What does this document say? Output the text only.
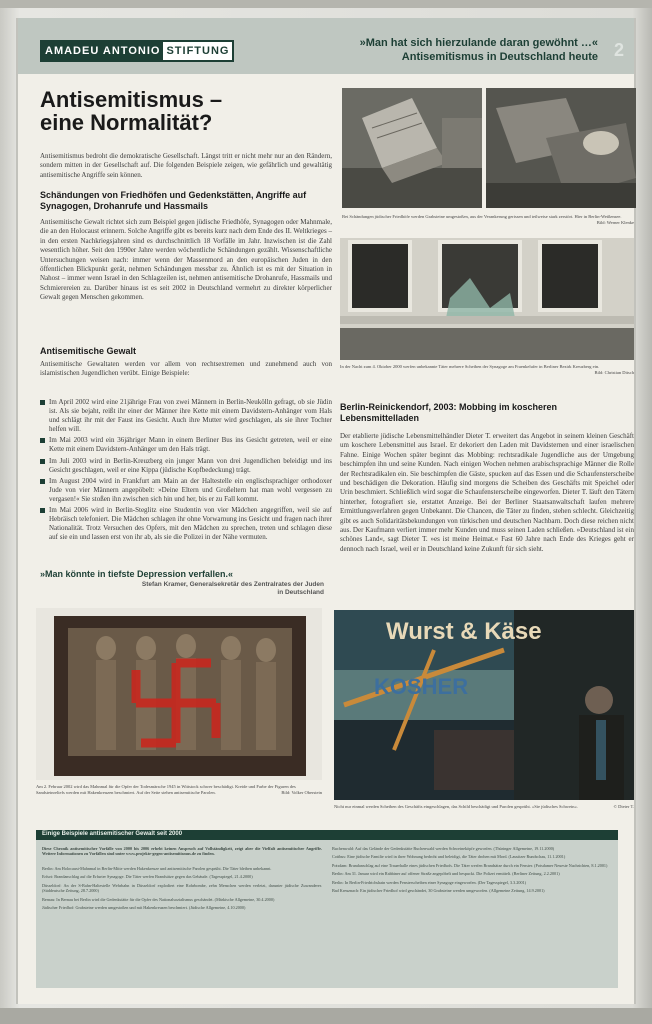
AMADEU ANTONIO STIFTUNG
»Man hat sich hierzulande daran gewöhnt …«
Antisemitismus in Deutschland heute 2
Antisemitismus –
eine Normalität?
Antisemitismus bedroht die demokratische Gesellschaft. Längst tritt er nicht mehr nur an den Rändern, sondern mitten in der Gesellschaft auf. Die folgenden Beispiele zeigen, wie gefährlich und gewaltätig antisemitische Angriffe sein können.
Schändungen von Friedhöfen und Gedenkstätten, Angriffe auf Synagogen, Drohanrufe und Hassmails
Antisemitische Gewalt richtet sich zum Beispiel gegen jüdische Friedhöfe, Synagogen oder Mahnmale, die an den Holocaust erinnern. Solche Angriffe gibt es bereits kurz nach dem Ende des II. Weltkrieges – in den ersten Nachkriegsjahren sind es durchschnittlich 18 Vorfälle im Jahr. Inzwischen ist die Zahl wesentlich höher. Seit den 1990er Jahre werden wöchentliche Schändungen gezählt. Wissenschaftliche Untersuchungen weisen nach: immer wenn der Massenmord an den europäischen Juden in den öffentlichen Blickpunkt gerät, nehmen Schändungen messbar zu. Ähnlich ist es mit der Situation in Nahost – immer wenn Israel in den Schlagzeilen ist, nehmen antisemitische Drohanrufe, Hassmails und Schmierereien zu. Darüber hinaus ist es seit 2002 in Deutschland vermehrt zu direkter körperlicher Gewalt gegen Menschen gekommen.
Antisemitische Gewalt
Antisemitische Gewaltaten werden vor allem von rechtsextremen und zunehmend auch von islamistischen Jugendlichen verübt. Einige Beispiele:
Im April 2002 wird eine 21jährige Frau von zwei Männern in Berlin-Neukölln gefragt, ob sie Jüdin ist. Als sie bejaht, reißt ihr einer der Männer ihre Kette mit einem Davidstern-Anhänger vom Hals und schlägt ihr mit der Faust ins Gesicht. Auch ihre Mutter wird geschlagen, als sie ihrer Tochter helfen will.
Im Mai 2003 wird ein 36jähriger Mann in einem Berliner Bus ins Gesicht getreten, weil er eine Kette mit einem Davidstern-Anhänger um den Hals trägt.
Im Juli 2003 wird in Berlin-Kreuzberg ein junger Mann von drei Jugendlichen beleidigt und ins Gesicht geschlagen, weil er eine Kippa (jüdische Kopfbedeckung) trägt.
Im August 2004 wird in Frankfurt am Main an der Haltestelle ein englischsprachiger orthodoxer Jude von vier Männern angepöbelt: »Deine Eltern und Großeltern hat man wohl vergessen zu vergasen!« Sie stoßen ihn zwischen sich hin und her, bis er zu Fall kommt.
Im Mai 2006 wird in Berlin-Steglitz eine Studentin von vier Mädchen angegriffen, weil sie auf Hebräisch telefoniert. Die Mädchen schlagen ihr ohne Vorwarnung ins Gesicht und fragen nach ihrer Nationalität. Trotz Versuchen des Opfers, mit den Mädchen zu sprechen, treten und schlagen diese auf sie ein und lassen erst von ihr ab, als sie die Polizei in der Nähe vermuten.
»Man könnte in tiefste Depression verfallen.«
Stefan Kramer, Generalsekretär des Zentralrates der Juden in Deutschland
Bei Schändungen jüdischer Friedhöfe werden Grabsteine umgestoßen, aus der Verankerung gerissen und teilweise stark zerstört. Hier in Berlin-Weißensee.
Bild: Werner Klenke
In der Nacht zum 4. Oktober 2000 werfen unbekannte Täter mehrere Scheiben der Synagoge am Fraenkelufer in Berliner Bezirk Kreuzberg ein.
Bild: Christian Ditsch
Berlin-Reinickendorf, 2003: Mobbing im koscheren Lebensmittelladen
Der etablierte jüdische Lebensmittelhändler Dieter T. erweitert das Angebot in seinem kleinen Geschäft um koschere Lebensmittel aus Israel. Er dekoriert den Laden mit Davidsternen und einer israelischen Fahne. Einige Wochen später beginnt das Mobbing: rechtsradikale Jugendliche aus der Umgebung beschimpfen ihn und seine Kunden. Nach einigen Wochen nehmen arabischsprachige Männer die Rolle der Rechtsradikalen ein. Sie beschimpfen die Gäste, spucken auf das Essen und die Schaufensterscheibe und beschädigen die Dekoration. Häufig sind morgens die Scheiben des Geschäfts mit Speichel oder Urin beschmiert. Schließlich wird sogar die Schaufensterscheibe eingeworfen. Dieter T. läuft den Tätern hinterher, fotografiert sie, erstattet Anzeige. Bei der Berliner Staatsanwaltschaft laufen mehrere Ermittlungsverfahren gegen Unbekannt. Die Chancen, die Täter zu finden, stehen schlecht. Gleichzeitig gibt es auch Solidaritätsbekundungen von türkischen und deutschen Nachbarn. Doch diese reichen nicht aus. Der Kaufmann verliert immer mehr Kunden und muss seinen Laden schließen. »Deutschland ist ein schönes Land«, sagt Dieter T. »es ist meine Heimat.« Fast 60 Jahre nach Ende des Krieges geht er dennoch nach Israel, weil er in Deutschland keine Zukunft für sich sieht.
Am 2. Februar 2002 wird das Mahnmal für die Opfer der Todesmärsche 1945 in Wittstock schwer beschädigt. Kreide und Farbe der Figuren des Sandsteinreliefs werden mit Hakenkreuzen beschmiert. Auf der Seite stehen antisemitische Parolen.	Bild: Volker Oberstein
Wurst & Käse
KOSHER
Nicht nur einmal werden Scheiben des Geschäfts eingeschlagen, das Schild beschädigt und Parolen gesprüht. »Sie jüdisches Schwein«.	© Dieter T.
Einige Beispiele antisemitischer Gewalt seit 2000
Diese Chronik antisemitischer Vorfälle von 2000 bis 2006 erhebt keinen Anspruch auf Vollständigkeit, zeigt aber die Vielfalt antisemitischer Angriffe. Weitere Informationen zu Vorfällen sind unter www.projekte-gegen-antisemitismus.de zu finden.

Berlin: Am Holocaust-Mahnmal in Berlin-Mitte werden Hakenkreuze und antisemitische Parolen gesprüht. Die Täter bleiben unbekannt.

Erfurt: Brandanschlag auf die Erfurter Synagoge. Die Täter werfen Brandsätze gegen das Gebäude. (Tagesspiegel, 21.4.2000)

Düsseldorf: An der S-Bahn-Haltestelle Wehrhahn in Düsseldorf explodiert eine Rohrbombe, zehn Menschen werden verletzt, darunter jüdische Zuwanderer. (Süddeutsche Zeitung, 28.7.2000)

Bernau: In Bernau bei Berlin wird die Gedenkstätte für die Opfer des Nationalsozialismus geschändet. (Märkische Allgemeine, 30.4.2000)

Jüdischer Friedhof: Grabsteine werden umgestoßen und mit Hakenkreuzen beschmiert. (Jüdische Allgemeine, 4.10.2000)

Buchenwald: Auf das Gelände der Gedenkstätte Buchenwald werden Schweineköpfe geworfen. (Thüringer Allgemeine, 19.11.2000)

Cottbus: Eine jüdische Familie wird in ihrer Wohnung bedroht und beleidigt, die Täter drohen mit Mord. (Lausitzer Rundschau, 11.1.2001)

Potsdam: Brandanschlag auf eine Trauerhalle eines jüdischen Friedhofs. Die Täter werfen Brandsätze durch ein Fenster. (Potsdamer Neueste Nachrichten, 8.1.2001)

Berlin: Am 31. Januar wird ein Rabbiner auf offener Straße angepöbelt und bespuckt. Die Polizei ermittelt. (Berliner Zeitung, 2.2.2001)

Berlin: In Berlin-Friedrichshain werden Fensterscheiben einer Synagoge eingeworfen. (Der Tagesspiegel, 3.3.2001)

Bad Kreuznach: Ein jüdischer Friedhof wird geschändet, 30 Grabsteine werden umgeworfen. (Allgemeine Zeitung, 14.9.2001)
